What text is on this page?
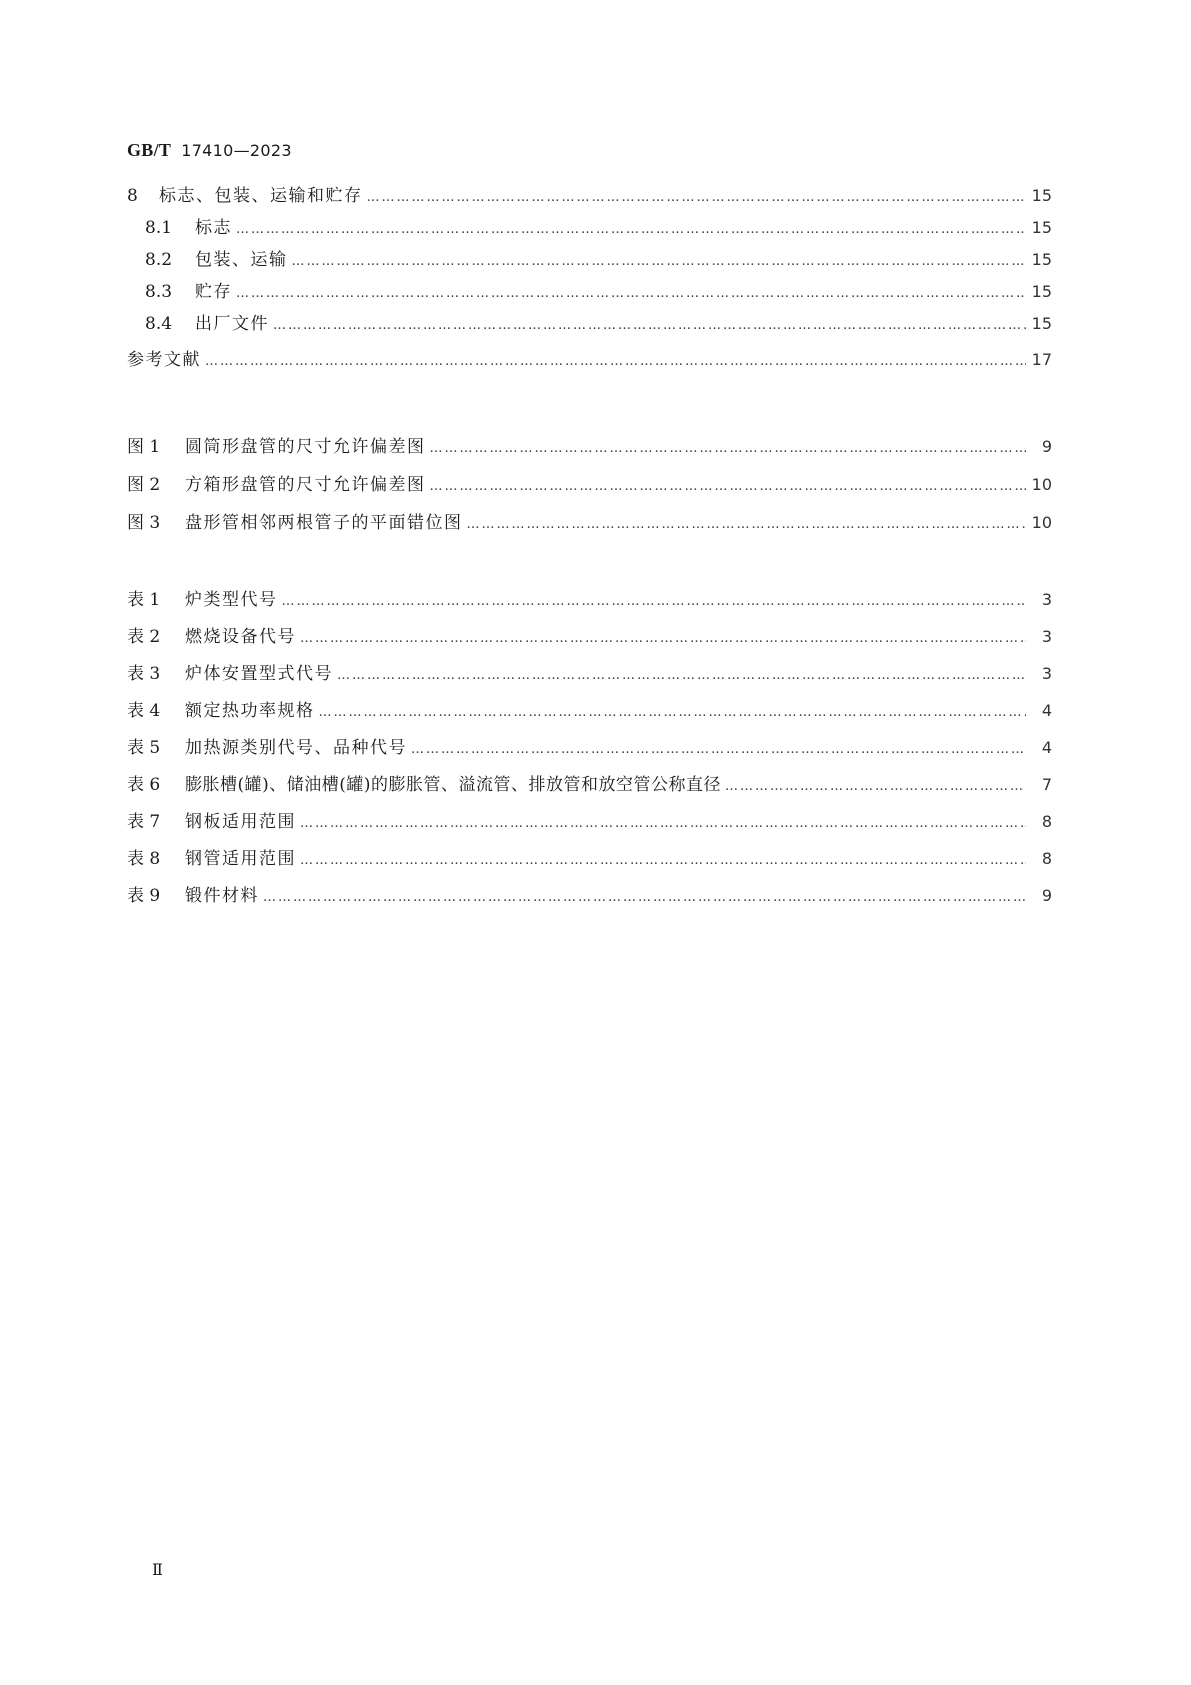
GB/T 17410—2023
8	标志、包装、运输和贮存 …………………………………………………………………………………………………………………………………………………………………………………………………………………………………………………………	15
8.1	标志 …………………………………………………………………………………………………………………………………………………………………………………………………………………………………………………………	15
8.2	包装、运输 …………………………………………………………………………………………………………………………………………………………………………………………………………………………………………………………	15
8.3	贮存 …………………………………………………………………………………………………………………………………………………………………………………………………………………………………………………………	15
8.4	出厂文件 …………………………………………………………………………………………………………………………………………………………………………………………………………………………………………………………	15
参考文献 …………………………………………………………………………………………………………………………………………………………………………………………………………………………………………………………	17
图 1	圆筒形盘管的尺寸允许偏差图 …………………………………………………………………………………………………………………………………………………………………………………………………………………………………………………………	9
图 2	方箱形盘管的尺寸允许偏差图 …………………………………………………………………………………………………………………………………………………………………………………………………………………………………………………………	10
图 3	盘形管相邻两根管子的平面错位图 …………………………………………………………………………………………………………………………………………………………………………………………………………………………………………………………	10
表 1	炉类型代号 …………………………………………………………………………………………………………………………………………………………………………………………………………………………………………………………	3
表 2	燃烧设备代号 …………………………………………………………………………………………………………………………………………………………………………………………………………………………………………………………	3
表 3	炉体安置型式代号 …………………………………………………………………………………………………………………………………………………………………………………………………………………………………………………………	3
表 4	额定热功率规格 …………………………………………………………………………………………………………………………………………………………………………………………………………………………………………………………	4
表 5	加热源类别代号、品种代号 …………………………………………………………………………………………………………………………………………………………………………………………………………………………………………………………	4
表 6	膨胀槽(罐)、储油槽(罐)的膨胀管、溢流管、排放管和放空管公称直径 …………………………………………………………………………………………………………………………………………………………………………………………………………………………………………………………	7
表 7	钢板适用范围 …………………………………………………………………………………………………………………………………………………………………………………………………………………………………………………………	8
表 8	钢管适用范围 …………………………………………………………………………………………………………………………………………………………………………………………………………………………………………………………	8
表 9	锻件材料 …………………………………………………………………………………………………………………………………………………………………………………………………………………………………………………………	9
Ⅱ
